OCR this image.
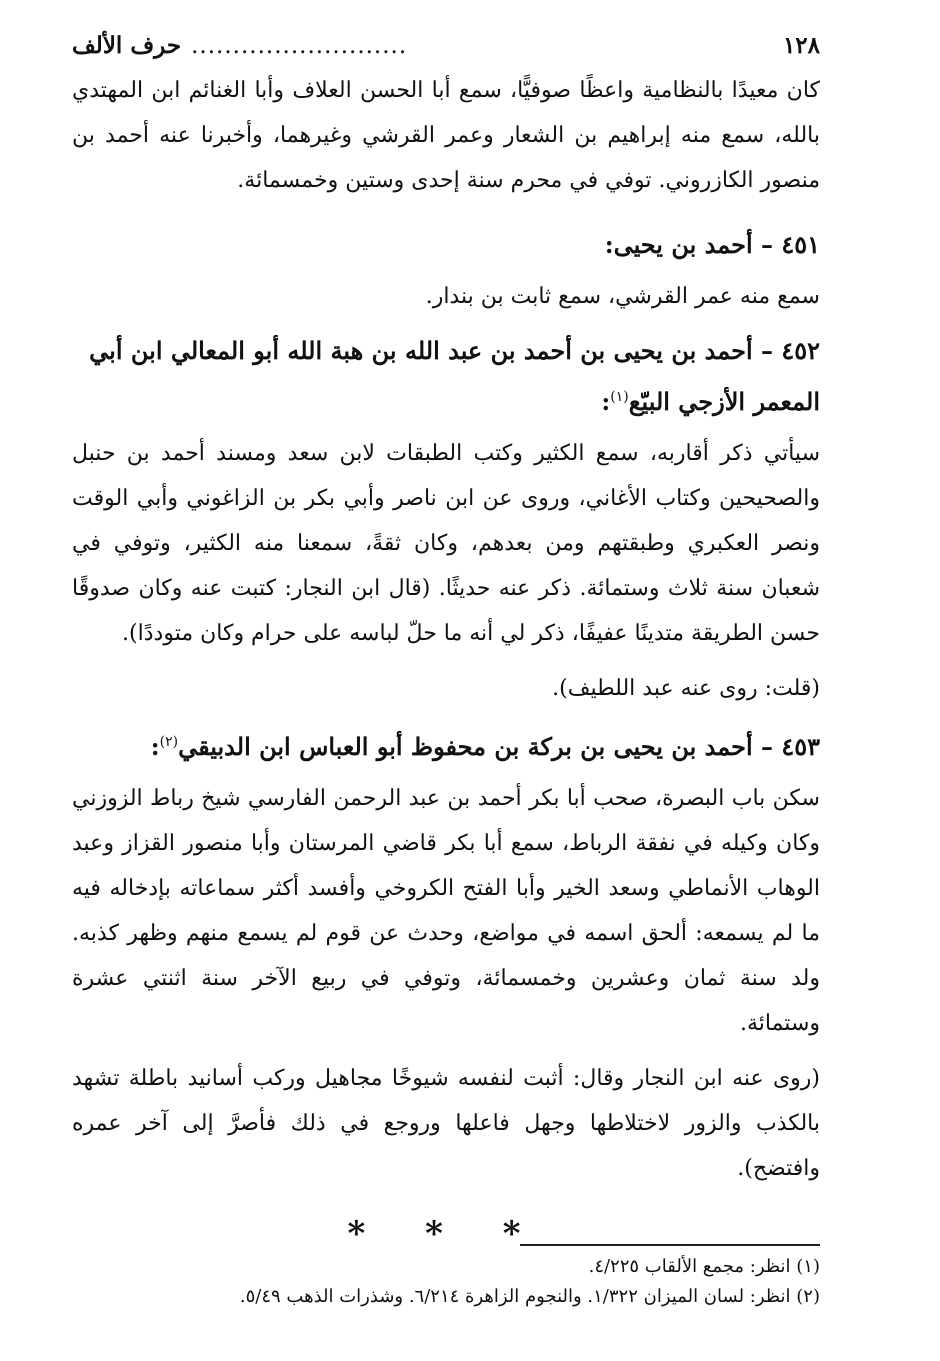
١٢٨
..........................
حرف الألف

كان معيدًا بالنظامية واعظًا صوفيًّا، سمع أبا الحسن العلاف وأبا الغنائم ابن المهتدي بالله، سمع منه إبراهيم بن الشعار وعمر القرشي وغيرهما، وأخبرنا عنه أحمد بن منصور الكازروني. توفي في محرم سنة إحدى وستين وخمسمائة.

٤٥١ – أحمد بن يحيى:

سمع منه عمر القرشي، سمع ثابت بن بندار.

٤٥٢ – أحمد بن يحيى بن أحمد بن عبد الله بن هبة الله أبو المعالي ابن أبي المعمر الأزجي البيّع$^{(١)}$:

سيأتي ذكر أقاربه، سمع الكثير وكتب الطبقات لابن سعد ومسند أحمد بن حنبل والصحيحين وكتاب الأغاني، وروى عن ابن ناصر وأبي بكر بن الزاغوني وأبي الوقت ونصر العكبري وطبقتهم ومن بعدهم، وكان ثقةً، سمعنا منه الكثير، وتوفي في شعبان سنة ثلاث وستمائة. ذكر عنه حديثًا. (قال ابن النجار: كتبت عنه وكان صدوقًا حسن الطريقة متدينًا عفيفًا، ذكر لي أنه ما حلّ لباسه على حرام وكان متوددًا).

(قلت: روى عنه عبد اللطيف).

٤٥٣ – أحمد بن يحيى بن بركة بن محفوظ أبو العباس ابن الدبيقي$^{(٢)}$:

سكن باب البصرة، صحب أبا بكر أحمد بن عبد الرحمن الفارسي شيخ رباط الزوزني وكان وكيله في نفقة الرباط، سمع أبا بكر قاضي المرستان وأبا منصور القزاز وعبد الوهاب الأنماطي وسعد الخير وأبا الفتح الكروخي وأفسد أكثر سماعاته بإدخاله فيه ما لم يسمعه: ألحق اسمه في مواضع، وحدث عن قوم لم يسمع منهم وظهر كذبه. ولد سنة ثمان وعشرين وخمسمائة، وتوفي في ربيع الآخر سنة اثنتي عشرة وستمائة.

(روى عنه ابن النجار وقال: أثبت لنفسه شيوخًا مجاهيل وركب أسانيد باطلة تشهد بالكذب والزور لاختلاطها وجهل فاعلها وروجع في ذلك فأصرَّ إلى آخر عمره وافتضح).

* * *
(١) انظر: مجمع الألقاب ٤/٢٢٥.
(٢) انظر: لسان الميزان ١/٣٢٢. والنجوم الزاهرة ٦/٢١٤. وشذرات الذهب ٥/٤٩.
